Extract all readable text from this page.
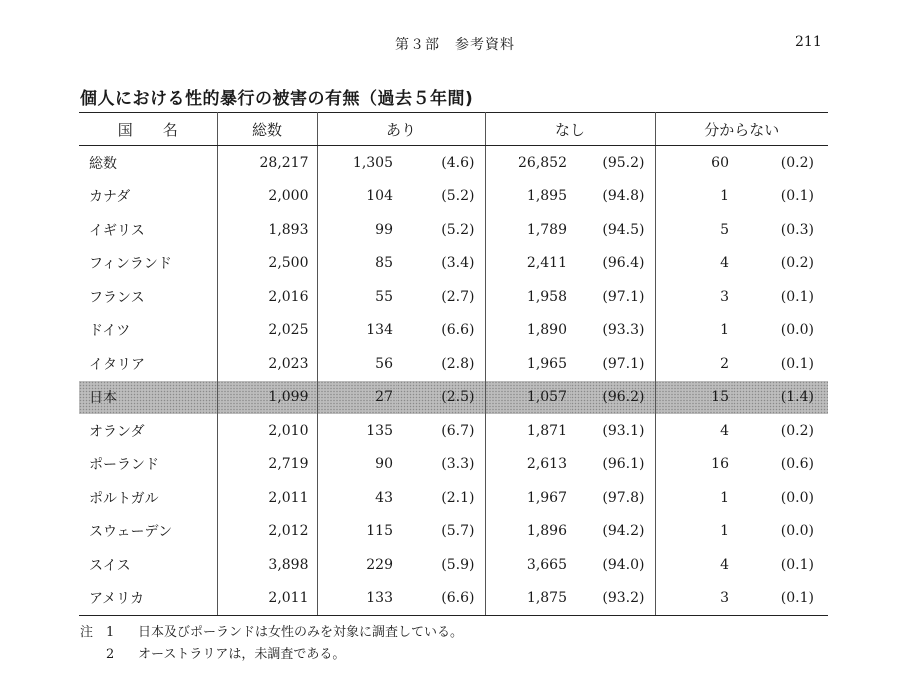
第３部　参考資料	211
個人における性的暴行の被害の有無（過去５年間)
国　　名	総数	あり		なし		分からない	
総数	28,217	1,305	(4.6)	26,852	(95.2)	60	(0.2)
カナダ	2,000	104	(5.2)	1,895	(94.8)	1	(0.1)
イギリス	1,893	99	(5.2)	1,789	(94.5)	5	(0.3)
フィンランド	2,500	85	(3.4)	2,411	(96.4)	4	(0.2)
フランス	2,016	55	(2.7)	1,958	(97.1)	3	(0.1)
ドイツ	2,025	134	(6.6)	1,890	(93.3)	1	(0.0)
イタリア	2,023	56	(2.8)	1,965	(97.1)	2	(0.1)
日本	1,099	27	(2.5)	1,057	(96.2)	15	(1.4)
オランダ	2,010	135	(6.7)	1,871	(93.1)	4	(0.2)
ポーランド	2,719	90	(3.3)	2,613	(96.1)	16	(0.6)
ポルトガル	2,011	43	(2.1)	1,967	(97.8)	1	(0.0)
スウェーデン	2,012	115	(5.7)	1,896	(94.2)	1	(0.0)
スイス	3,898	229	(5.9)	3,665	(94.0)	4	(0.1)
アメリカ	2,011	133	(6.6)	1,875	(93.2)	3	(0.1)
注 1 日本及びポーランドは女性のみを対象に調査している。
2 オーストラリアは，未調査である。
